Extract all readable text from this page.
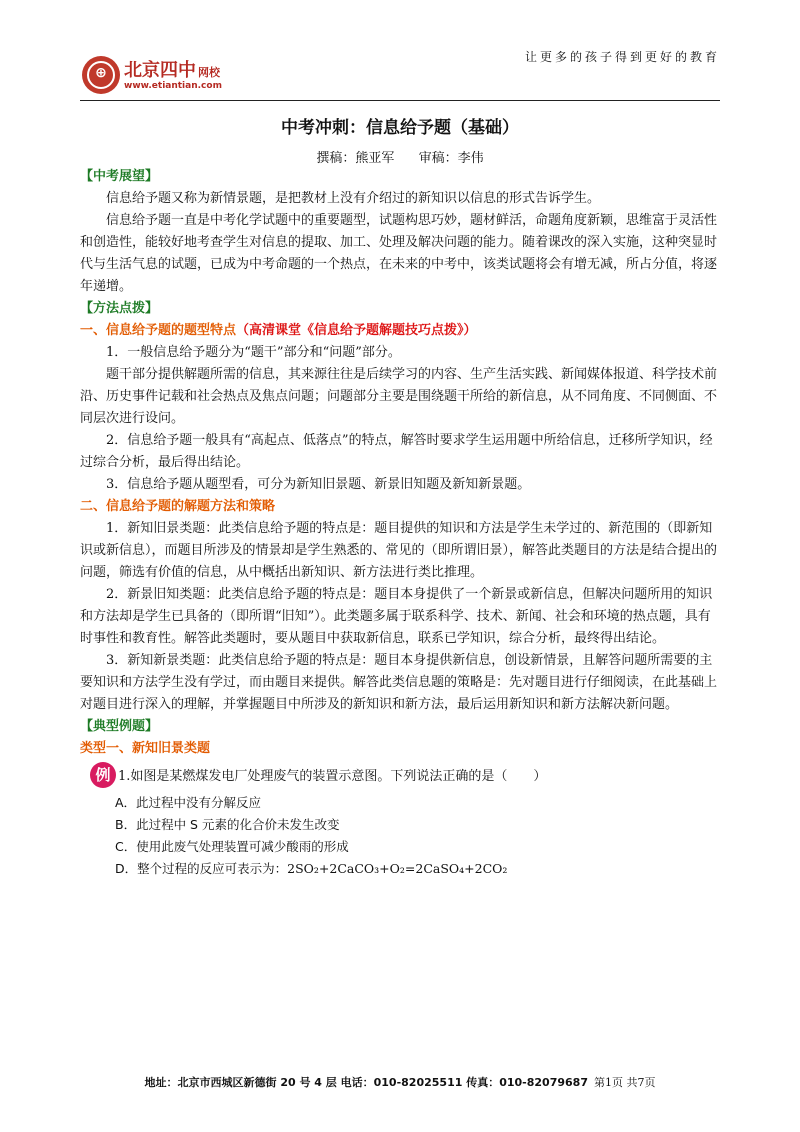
⊕ 北京四中 网校
www.etiantian.com
让更多的孩子得到更好的教育
中考冲刺：信息给予题（基础）
撰稿：熊亚军 审稿：李伟

【中考展望】

信息给予题又称为新情景题，是把教材上没有介绍过的新知识以信息的形式告诉学生。

信息给予题一直是中考化学试题中的重要题型，试题构思巧妙，题材鲜活，命题角度新颖，思维富于灵活性和创造性，能较好地考查学生对信息的提取、加工、处理及解决问题的能力。随着课改的深入实施，这种突显时代与生活气息的试题，已成为中考命题的一个热点，在未来的中考中，该类试题将会有增无减，所占分值，将逐年递增。

【方法点拨】

一、信息给予题的题型特点（高清课堂《信息给予题解题技巧点拨》）

1．一般信息给予题分为“题干”部分和“问题”部分。

题干部分提供解题所需的信息，其来源往往是后续学习的内容、生产生活实践、新闻媒体报道、科学技术前沿、历史事件记载和社会热点及焦点问题；问题部分主要是围绕题干所给的新信息，从不同角度、不同侧面、不同层次进行设问。

2．信息给予题一般具有“高起点、低落点”的特点，解答时要求学生运用题中所给信息，迁移所学知识，经过综合分析，最后得出结论。

3．信息给予题从题型看，可分为新知旧景题、新景旧知题及新知新景题。

二、信息给予题的解题方法和策略

1．新知旧景类题：此类信息给予题的特点是：题目提供的知识和方法是学生未学过的、新范围的（即新知识或新信息），而题目所涉及的情景却是学生熟悉的、常见的（即所谓旧景），解答此类题目的方法是结合提出的问题，筛选有价值的信息，从中概括出新知识、新方法进行类比推理。

2．新景旧知类题：此类信息给予题的特点是：题目本身提供了一个新景或新信息，但解决问题所用的知识和方法却是学生已具备的（即所谓“旧知”）。此类题多属于联系科学、技术、新闻、社会和环境的热点题，具有时事性和教育性。解答此类题时，要从题目中获取新信息，联系已学知识，综合分析，最终得出结论。

3．新知新景类题：此类信息给予题的特点是：题目本身提供新信息，创设新情景，且解答问题所需要的主要知识和方法学生没有学过，而由题目来提供。解答此类信息题的策略是：先对题目进行仔细阅读，在此基础上对题目进行深入的理解，并掌握题目中所涉及的新知识和新方法，最后运用新知识和新方法解决新问题。

【典型例题】

类型一、新知旧景类题

例 1.如图是某燃煤发电厂处理废气的装置示意图。下列说法正确的是（　　）

A．此过程中没有分解反应

B．此过程中 S 元素的化合价未发生改变

C．使用此废气处理装置可减少酸雨的形成

D．整个过程的反应可表示为：2SO₂+2CaCO₃+O₂=2CaSO₄+2CO₂

地址：北京市西城区新德街 20 号 4 层 电话：010-82025511 传真：010-82079687 第1页 共7页
